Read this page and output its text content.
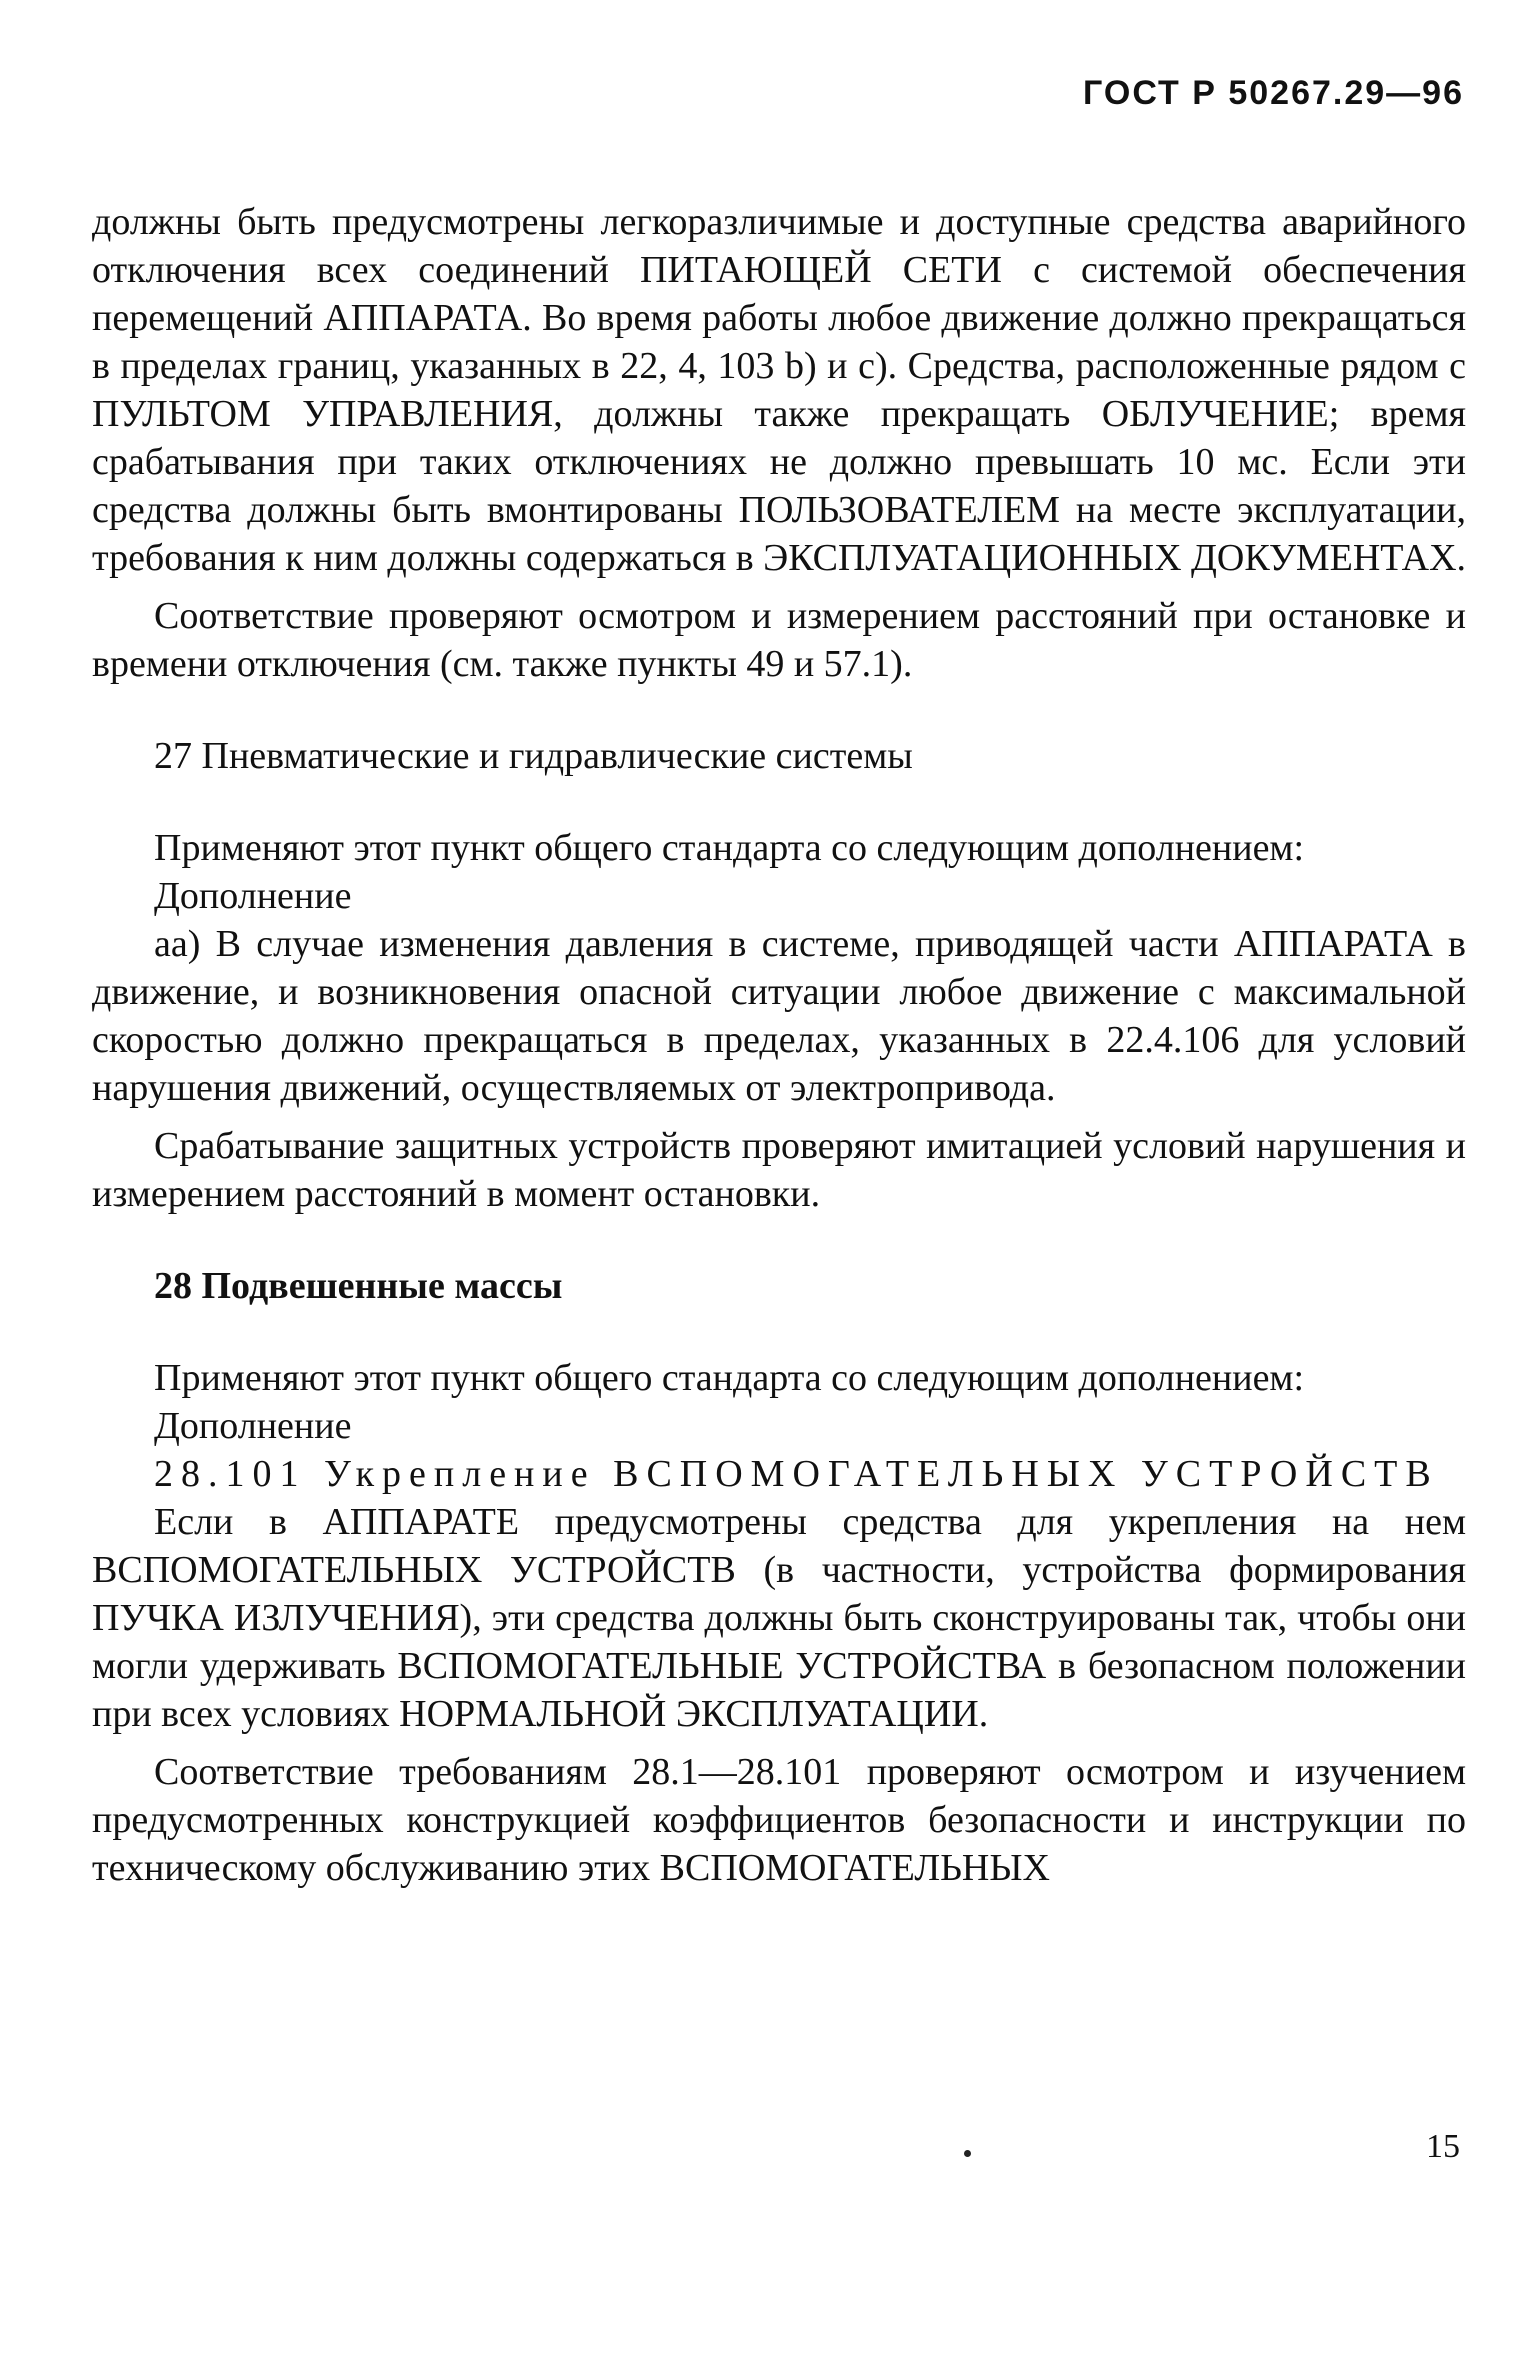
ГОСТ Р 50267.29—96

должны быть предусмотрены легкоразличимые и доступные средства аварийного отключения всех соединений ПИТАЮЩЕЙ СЕТИ с системой обеспечения перемещений АППАРАТА. Во время работы любое движение должно прекращаться в пределах границ, указанных в 22, 4, 103 b) и с). Средства, расположенные рядом с ПУЛЬТОМ УПРАВЛЕНИЯ, должны также прекращать ОБЛУЧЕНИЕ; время срабатывания при таких отключениях не должно превышать 10 мс. Если эти средства должны быть вмонтированы ПОЛЬЗОВАТЕЛЕМ на месте эксплуатации, требования к ним должны содержаться в ЭКСПЛУАТАЦИОННЫХ ДОКУМЕНТАХ.

Соответствие проверяют осмотром и измерением расстояний при остановке и времени отключения (см. также пункты 49 и 57.1).

27 Пневматические и гидравлические системы

Применяют этот пункт общего стандарта со следующим дополнением:

Дополнение

аа) В случае изменения давления в системе, приводящей части АППАРАТА в движение, и возникновения опасной ситуации любое движение с максимальной скоростью должно прекращаться в пределах, указанных в 22.4.106 для условий нарушения движений, осуществляемых от электропривода.

Срабатывание защитных устройств проверяют имитацией условий нарушения и измерением расстояний в момент остановки.

28 Подвешенные массы

Применяют этот пункт общего стандарта со следующим дополнением:

Дополнение

28.101 Укрепление ВСПОМОГАТЕЛЬНЫХ УСТРОЙСТВ

Если в АППАРАТЕ предусмотрены средства для укрепления на нем ВСПОМОГАТЕЛЬНЫХ УСТРОЙСТВ (в частности, устройства формирования ПУЧКА ИЗЛУЧЕНИЯ), эти средства должны быть сконструированы так, чтобы они могли удерживать ВСПОМОГАТЕЛЬНЫЕ УСТРОЙСТВА в безопасном положении при всех условиях НОРМАЛЬНОЙ ЭКСПЛУАТАЦИИ.

Соответствие требованиям 28.1—28.101 проверяют осмотром и изучением предусмотренных конструкцией коэффициентов безопасности и инструкции по техническому обслуживанию этих ВСПОМОГАТЕЛЬНЫХ

15
